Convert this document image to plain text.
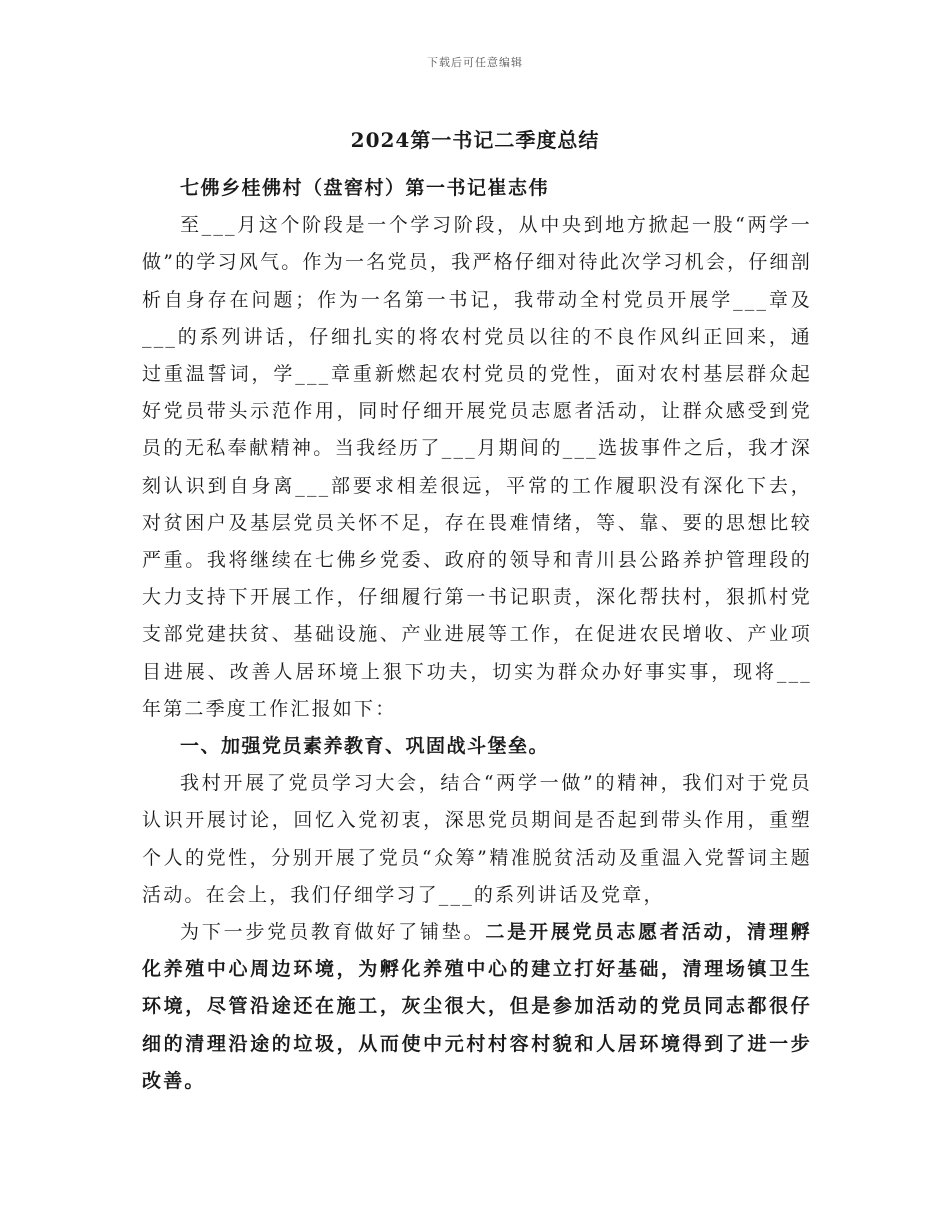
下载后可任意编辑
2024第一书记二季度总结

七佛乡桂佛村（盘窖村）第一书记崔志伟

至___月这个阶段是一个学习阶段，从中央到地方掀起一股“两学一做”的学习风气。作为一名党员，我严格仔细对待此次学习机会，仔细剖析自身存在问题；作为一名第一书记，我带动全村党员开展学___章及___的系列讲话，仔细扎实的将农村党员以往的不良作风纠正回来，通过重温誓词，学___章重新燃起农村党员的党性，面对农村基层群众起好党员带头示范作用，同时仔细开展党员志愿者活动，让群众感受到党员的无私奉献精神。当我经历了___月期间的___选拔事件之后，我才深刻认识到自身离___部要求相差很远，平常的工作履职没有深化下去，对贫困户及基层党员关怀不足，存在畏难情绪，等、靠、要的思想比较严重。我将继续在七佛乡党委、政府的领导和青川县公路养护管理段的大力支持下开展工作，仔细履行第一书记职责，深化帮扶村，狠抓村党支部党建扶贫、基础设施、产业进展等工作，在促进农民增收、产业项目进展、改善人居环境上狠下功夫，切实为群众办好事实事，现将___年第二季度工作汇报如下：

一、加强党员素养教育、巩固战斗堡垒。

我村开展了党员学习大会，结合“两学一做”的精神，我们对于党员认识开展讨论，回忆入党初衷，深思党员期间是否起到带头作用，重塑个人的党性，分别开展了党员“众筹”精准脱贫活动及重温入党誓词主题活动。在会上，我们仔细学习了___的系列讲话及党章，

为下一步党员教育做好了铺垫。二是开展党员志愿者活动，清理孵化养殖中心周边环境，为孵化养殖中心的建立打好基础，清理场镇卫生环境，尽管沿途还在施工，灰尘很大，但是参加活动的党员同志都很仔细的清理沿途的垃圾，从而使中元村村容村貌和人居环境得到了进一步改善。
